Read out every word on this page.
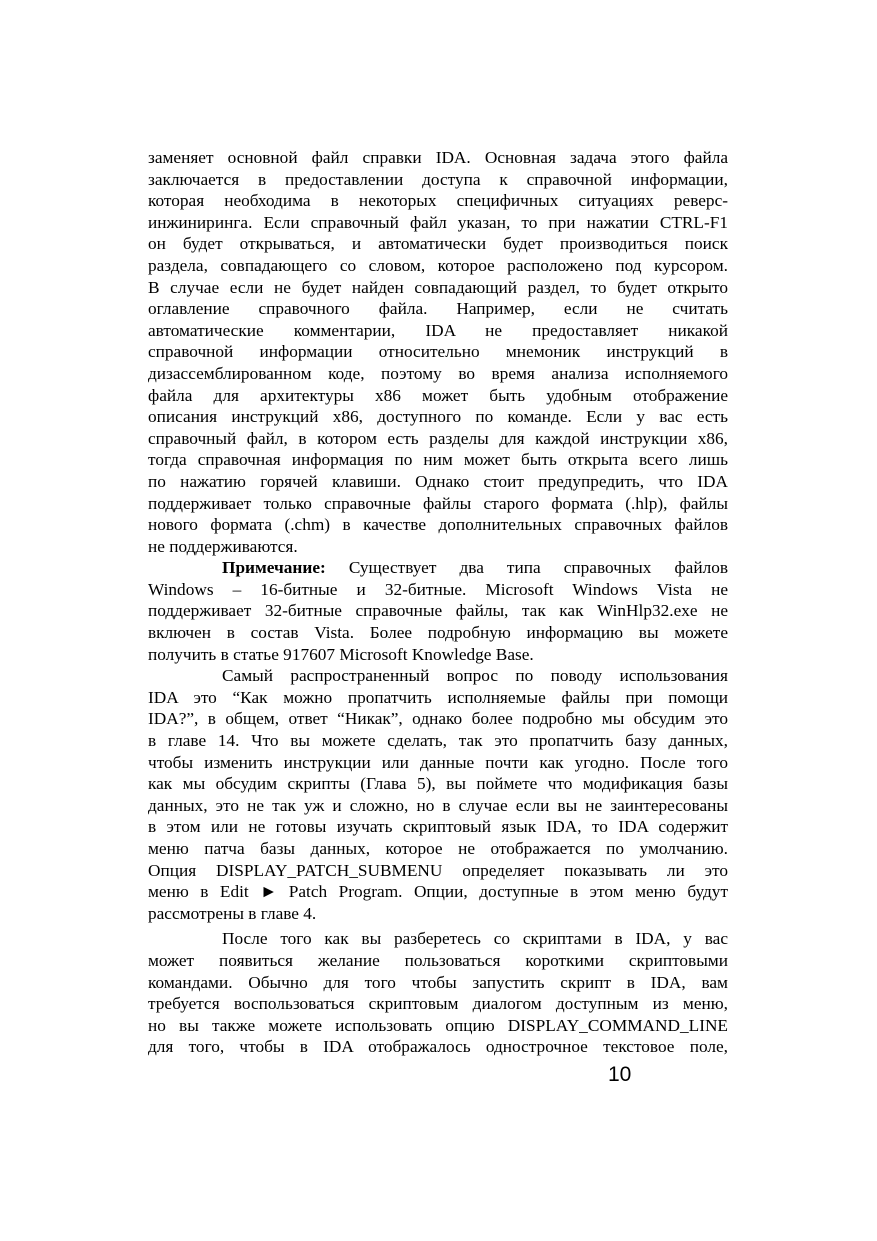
заменяет основной файл справки IDA. Основная задача этого файла
заключается в предоставлении доступа к справочной информации,
которая необходима в некоторых специфичных ситуациях реверс-
инжиниринга. Если справочный файл указан, то при нажатии CTRL-F1
он будет открываться, и автоматически будет производиться поиск
раздела, совпадающего со словом, которое расположено под курсором.
В случае если не будет найден совпадающий раздел, то будет открыто
оглавление справочного файла. Например, если не считать
автоматические комментарии, IDA не предоставляет никакой
справочной информации относительно мнемоник инструкций в
дизассемблированном коде, поэтому во время анализа исполняемого
файла для архитектуры x86 может быть удобным отображение
описания инструкций x86, доступного по команде. Если у вас есть
справочный файл, в котором есть разделы для каждой инструкции x86,
тогда справочная информация по ним может быть открыта всего лишь
по нажатию горячей клавиши. Однако стоит предупредить, что IDA
поддерживает только справочные файлы старого формата (.hlp), файлы
нового формата (.chm) в качестве дополнительных справочных файлов
не поддерживаются.
Примечание: Существует два типа справочных файлов
Windows – 16-битные и 32-битные. Microsoft Windows Vista не
поддерживает 32-битные справочные файлы, так как WinHlp32.exe не
включен в состав Vista. Более подробную информацию вы можете
получить в статье 917607 Microsoft Knowledge Base.
Самый распространенный вопрос по поводу использования
IDA это “Как можно пропатчить исполняемые файлы при помощи
IDA?”, в общем, ответ “Никак”, однако более подробно мы обсудим это
в главе 14. Что вы можете сделать, так это пропатчить базу данных,
чтобы изменить инструкции или данные почти как угодно. После того
как мы обсудим скрипты (Глава 5), вы поймете что модификация базы
данных, это не так уж и сложно, но в случае если вы не заинтересованы
в этом или не готовы изучать скриптовый язык IDA, то IDA содержит
меню патча базы данных, которое не отображается по умолчанию.
Опция DISPLAY_PATCH_SUBMENU определяет показывать ли это
меню в Edit ► Patch Program. Опции, доступные в этом меню будут
рассмотрены в главе 4.
После того как вы разберетесь со скриптами в IDA, у вас
может появиться желание пользоваться короткими скриптовыми
командами. Обычно для того чтобы запустить скрипт в IDA, вам
требуется воспользоваться скриптовым диалогом доступным из меню,
но вы также можете использовать опцию DISPLAY_COMMAND_LINE
для того, чтобы в IDA отображалось однострочное текстовое поле,
10
